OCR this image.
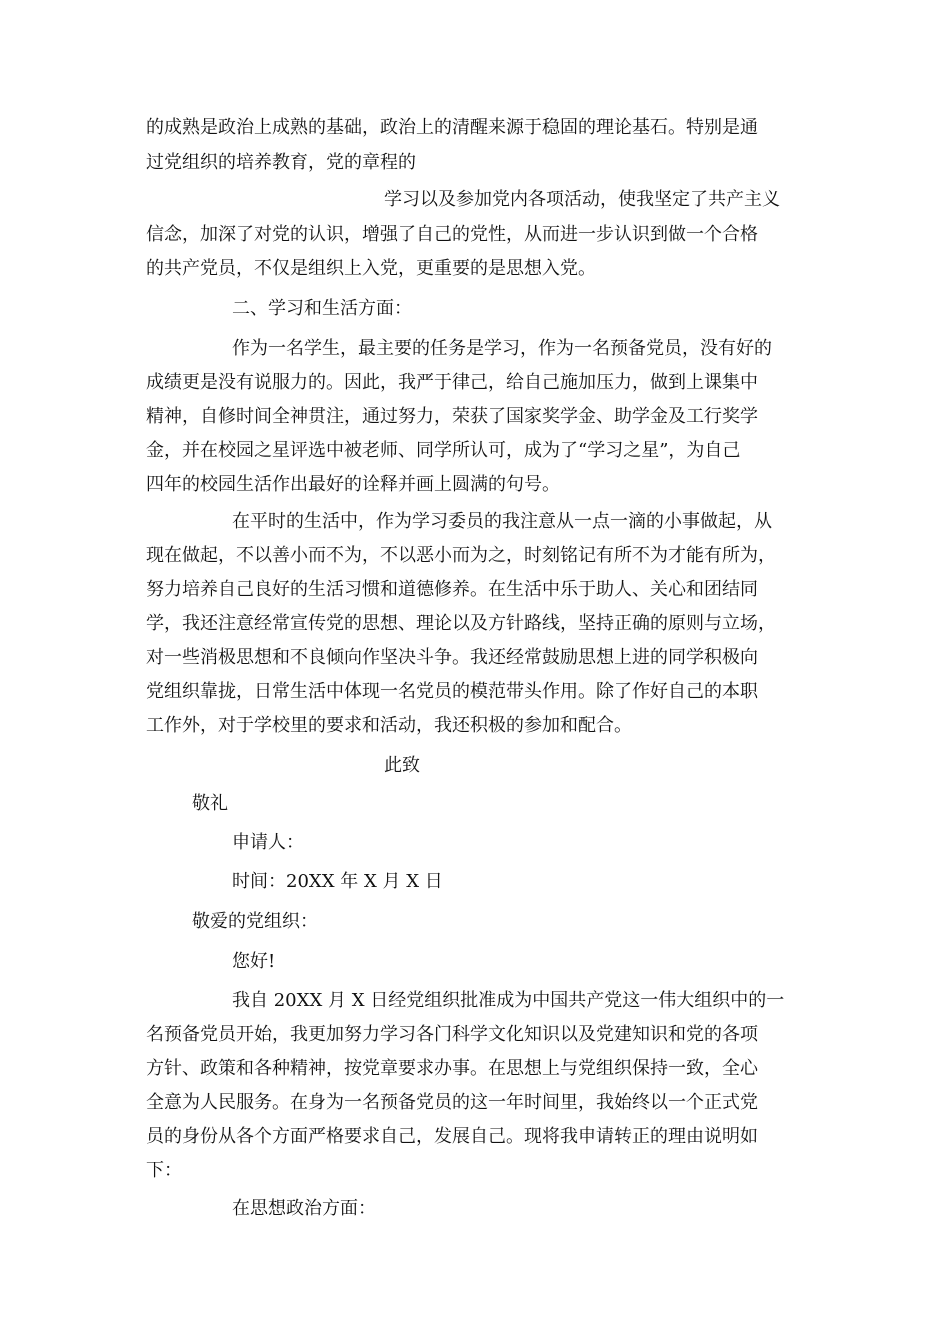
的成熟是政治上成熟的基础，政治上的清醒来源于稳固的理论基石。特别是通
过党组织的培养教育，党的章程的
学习以及参加党内各项活动，使我坚定了共产主义
信念，加深了对党的认识，增强了自己的党性，从而进一步认识到做一个合格
的共产党员，不仅是组织上入党，更重要的是思想入党。
二、学习和生活方面：
作为一名学生，最主要的任务是学习，作为一名预备党员，没有好的
成绩更是没有说服力的。因此，我严于律己，给自己施加压力，做到上课集中
精神，自修时间全神贯注，通过努力，荣获了国家奖学金、助学金及工行奖学
金，并在校园之星评选中被老师、同学所认可，成为了“学习之星”，为自己
四年的校园生活作出最好的诠释并画上圆满的句号。
在平时的生活中，作为学习委员的我注意从一点一滴的小事做起，从
现在做起，不以善小而不为，不以恶小而为之，时刻铭记有所不为才能有所为，
努力培养自己良好的生活习惯和道德修养。在生活中乐于助人、关心和团结同
学，我还注意经常宣传党的思想、理论以及方针路线，坚持正确的原则与立场，
对一些消极思想和不良倾向作坚决斗争。我还经常鼓励思想上进的同学积极向
党组织靠拢，日常生活中体现一名党员的模范带头作用。除了作好自己的本职
工作外，对于学校里的要求和活动，我还积极的参加和配合。
此致
敬礼
申请人：
时间：20XX 年 X 月 X 日
敬爱的党组织：
您好!
我自 20XX 月 X 日经党组织批准成为中国共产党这一伟大组织中的一
名预备党员开始，我更加努力学习各门科学文化知识以及党建知识和党的各项
方针、政策和各种精神，按党章要求办事。在思想上与党组织保持一致，全心
全意为人民服务。在身为一名预备党员的这一年时间里，我始终以一个正式党
员的身份从各个方面严格要求自己，发展自己。现将我申请转正的理由说明如
下：
在思想政治方面：
